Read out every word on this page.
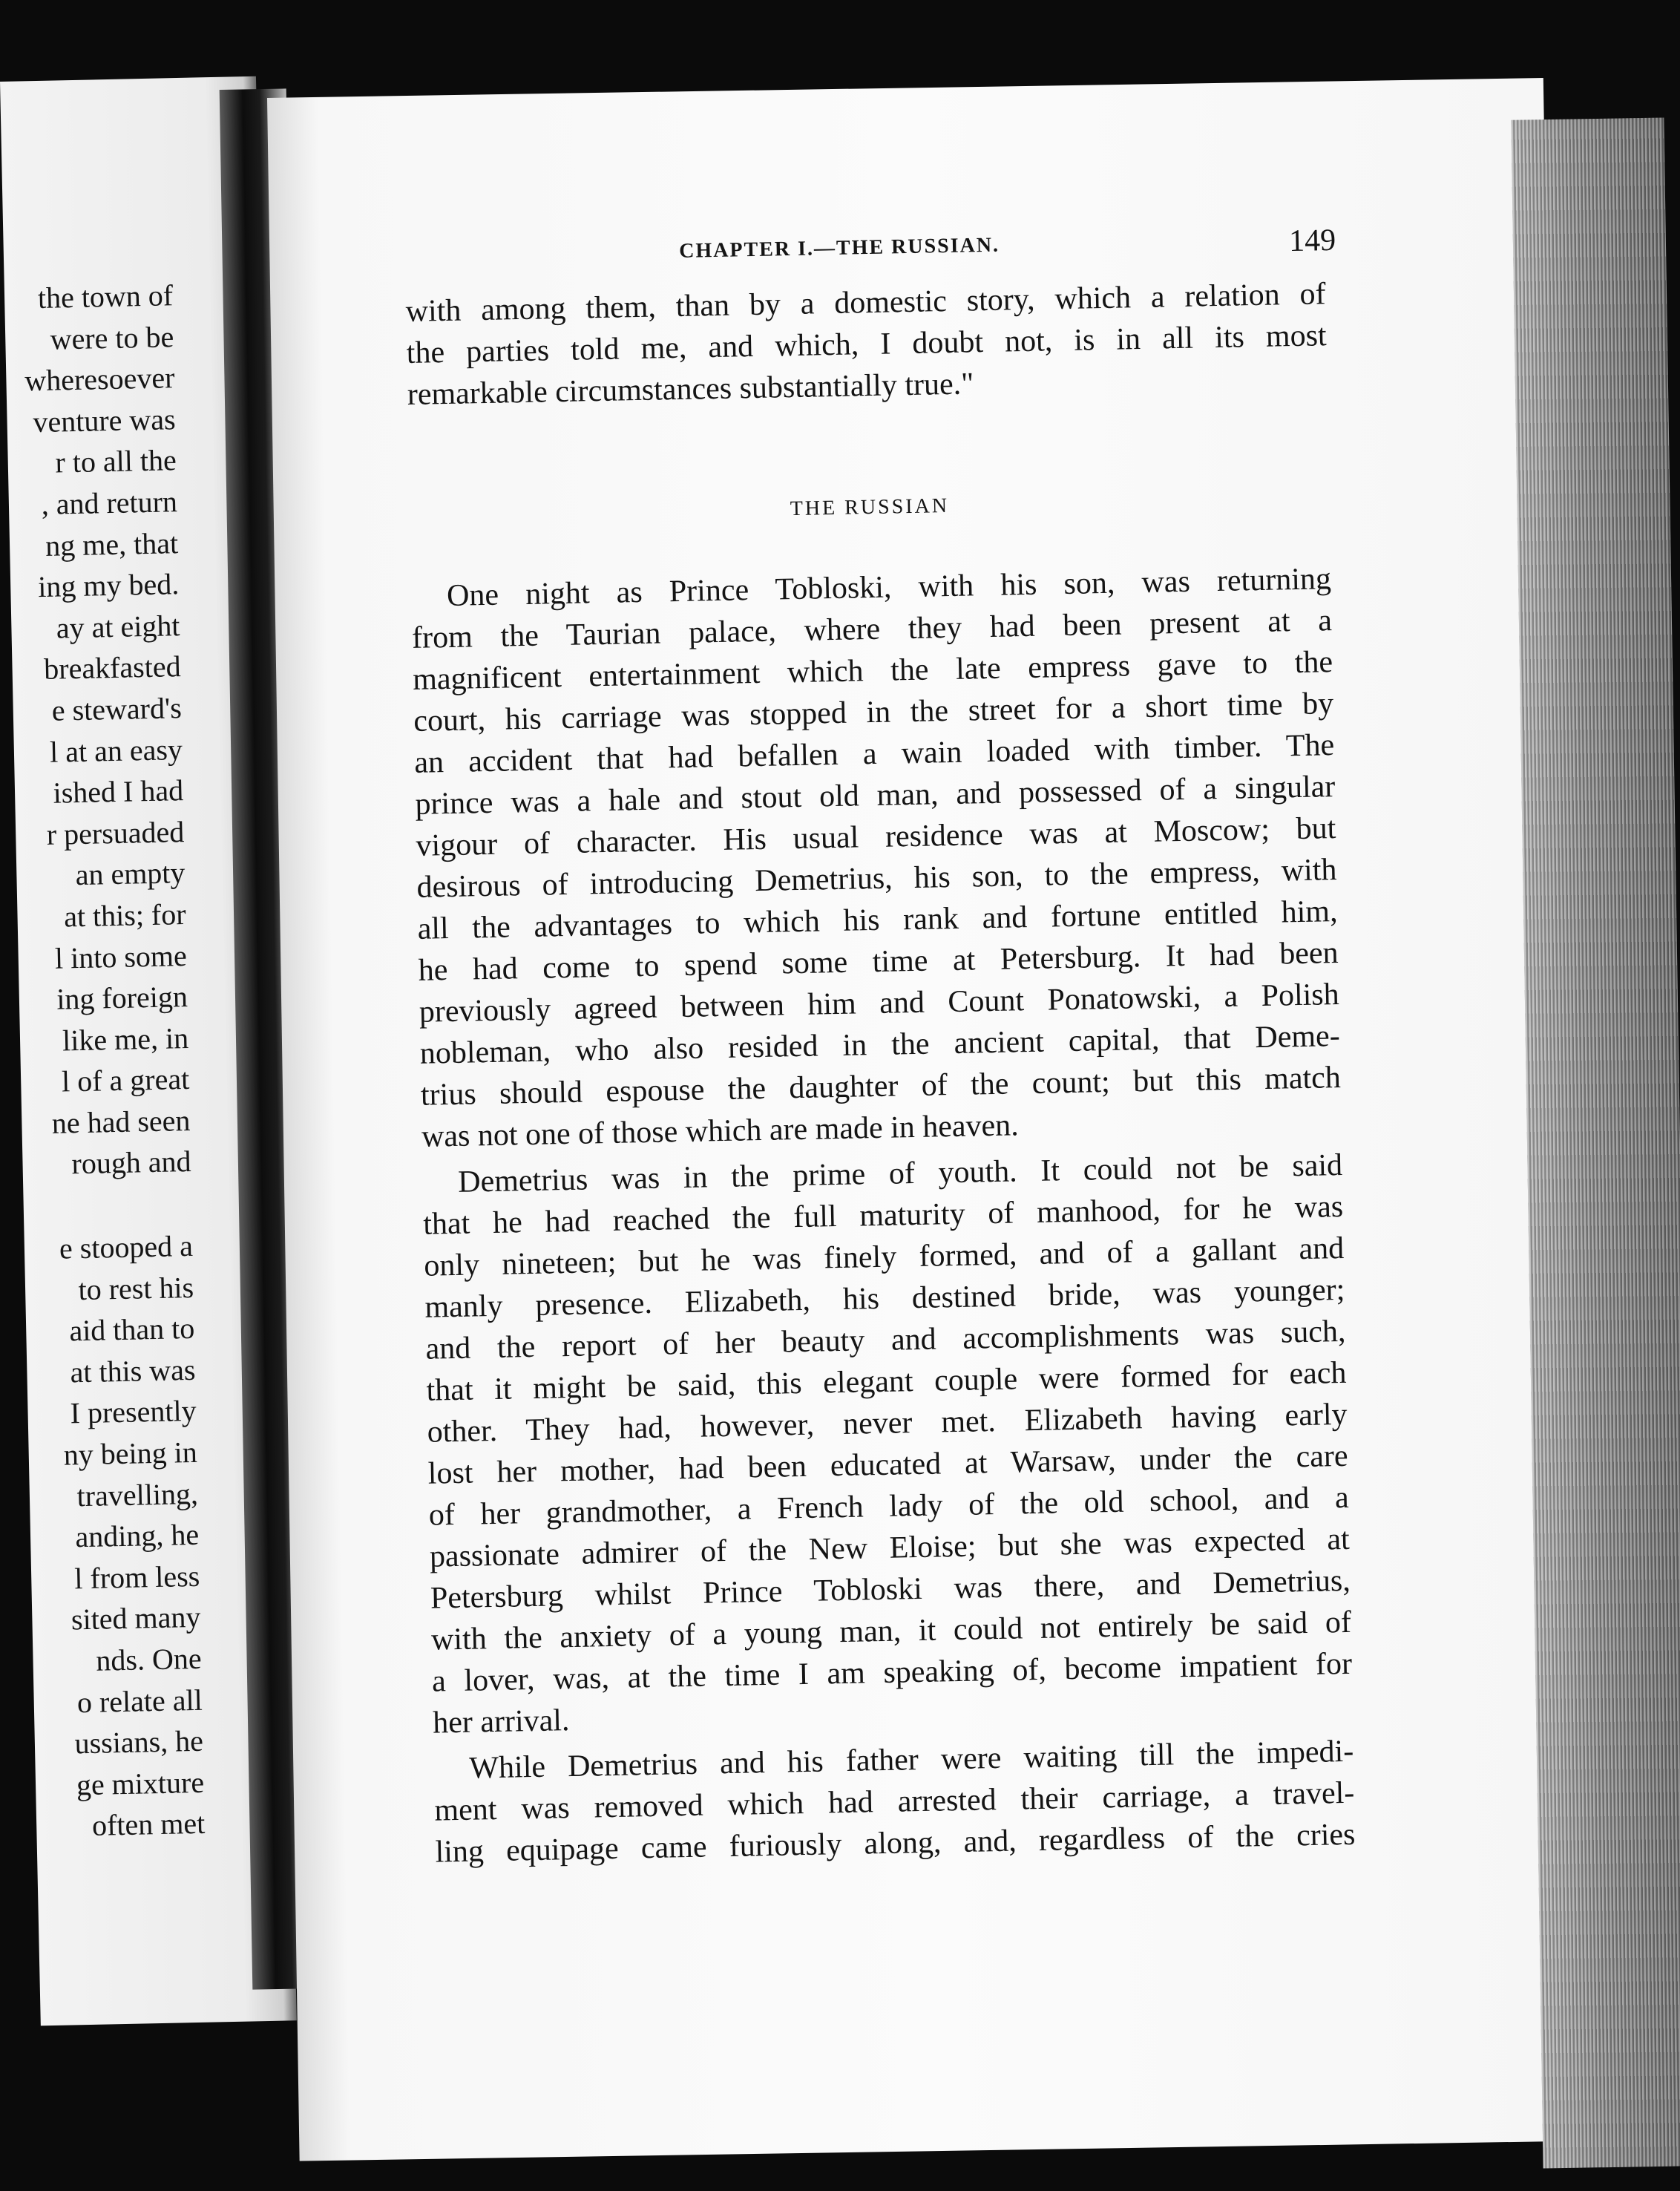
the town of
were to be
wheresoever
venture was
r to all the
, and return
ng me, that
ing my bed.
ay at eight
breakfasted
e steward's
l at an easy
ished I had
r persuaded
an empty
at this; for
l into some
ing foreign
like me, in
l of a great
ne had seen
rough and
e stooped a
to rest his
aid than to
at this was
I presently
ny being in
travelling,
anding, he
l from less
sited many
nds. One
o relate all
ussians, he
ge mixture
often met
CHAPTER I.—THE RUSSIAN.	149
with among them, than by a domestic story, which a relation of
the parties told me, and which, I doubt not, is in all its most
remarkable circumstances substantially true."
THE RUSSIAN
One night as Prince Tobloski, with his son, was returning
from the Taurian palace, where they had been present at a
magnificent entertainment which the late empress gave to the
court, his carriage was stopped in the street for a short time by
an accident that had befallen a wain loaded with timber. The
prince was a hale and stout old man, and possessed of a singular
vigour of character. His usual residence was at Moscow; but
desirous of introducing Demetrius, his son, to the empress, with
all the advantages to which his rank and fortune entitled him,
he had come to spend some time at Petersburg. It had been
previously agreed between him and Count Ponatowski, a Polish
nobleman, who also resided in the ancient capital, that Deme-
trius should espouse the daughter of the count; but this match
was not one of those which are made in heaven.
Demetrius was in the prime of youth. It could not be said
that he had reached the full maturity of manhood, for he was
only nineteen; but he was finely formed, and of a gallant and
manly presence. Elizabeth, his destined bride, was younger;
and the report of her beauty and accomplishments was such,
that it might be said, this elegant couple were formed for each
other. They had, however, never met. Elizabeth having early
lost her mother, had been educated at Warsaw, under the care
of her grandmother, a French lady of the old school, and a
passionate admirer of the New Eloise; but she was expected at
Petersburg whilst Prince Tobloski was there, and Demetrius,
with the anxiety of a young man, it could not entirely be said of
a lover, was, at the time I am speaking of, become impatient for
her arrival.
While Demetrius and his father were waiting till the impedi-
ment was removed which had arrested their carriage, a travel-
ling equipage came furiously along, and, regardless of the cries
